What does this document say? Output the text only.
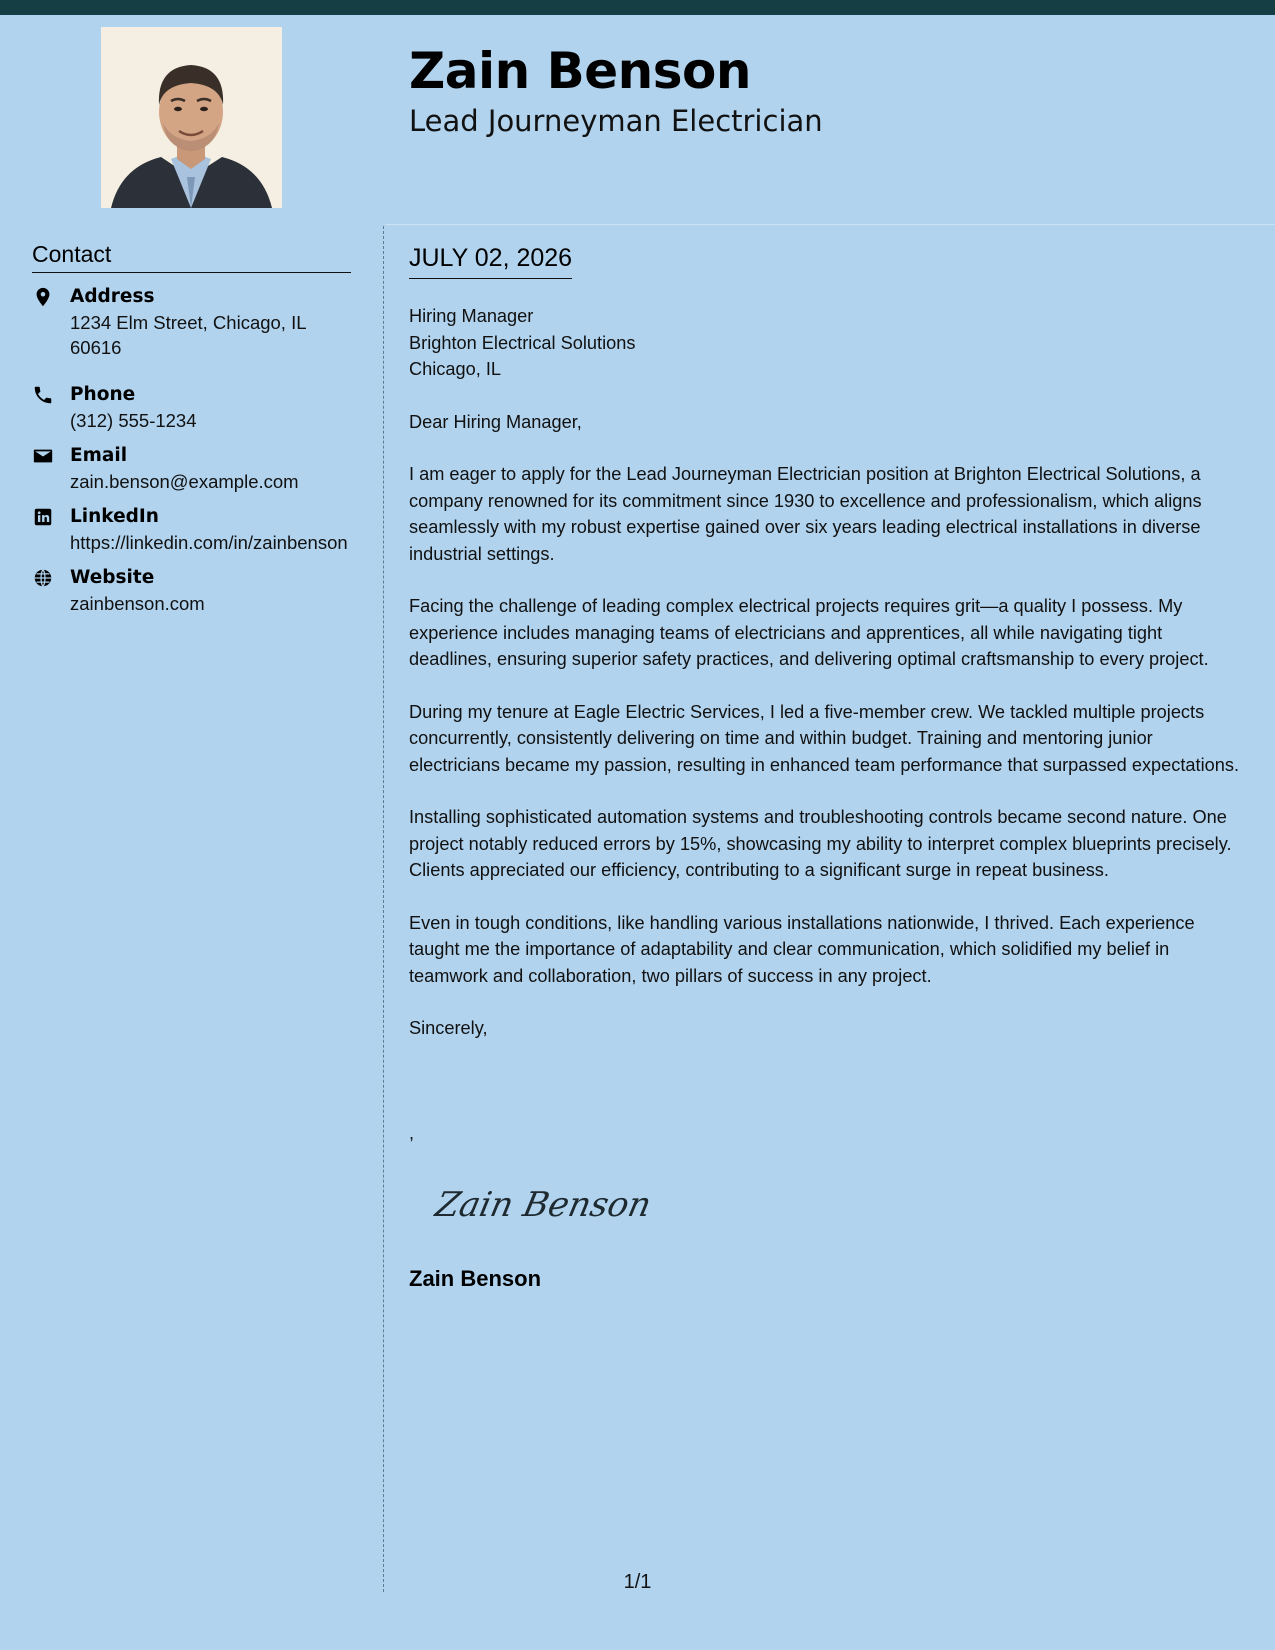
Zain Benson
Lead Journeyman Electrician
Contact
Address
1234 Elm Street, Chicago, IL 60616
Phone
(312) 555-1234
Email
zain.benson@example.com
LinkedIn
https://linkedin.com/in/zainbenson
Website
zainbenson.com
JULY 02, 2026
Hiring Manager
Brighton Electrical Solutions
Chicago, IL

Dear Hiring Manager,

I am eager to apply for the Lead Journeyman Electrician position at Brighton Electrical Solutions, a company renowned for its commitment since 1930 to excellence and professionalism, which aligns seamlessly with my robust expertise gained over six years leading electrical installations in diverse industrial settings.

Facing the challenge of leading complex electrical projects requires grit—a quality I possess. My experience includes managing teams of electricians and apprentices, all while navigating tight deadlines, ensuring superior safety practices, and delivering optimal craftsmanship to every project.

During my tenure at Eagle Electric Services, I led a five-member crew. We tackled multiple projects concurrently, consistently delivering on time and within budget. Training and mentoring junior electricians became my passion, resulting in enhanced team performance that surpassed expectations.

Installing sophisticated automation systems and troubleshooting controls became second nature. One project notably reduced errors by 15%, showcasing my ability to interpret complex blueprints precisely. Clients appreciated our efficiency, contributing to a significant surge in repeat business.

Even in tough conditions, like handling various installations nationwide, I thrived. Each experience taught me the importance of adaptability and clear communication, which solidified my belief in teamwork and collaboration, two pillars of success in any project.

Sincerely,

,
Zain Benson
Zain Benson
1/1
